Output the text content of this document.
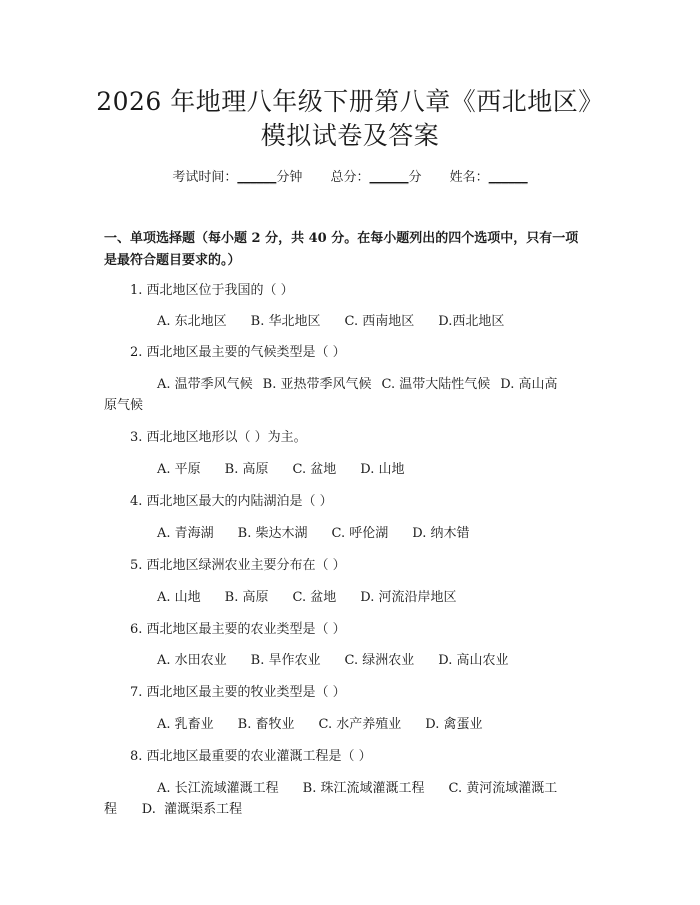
2026 年地理八年级下册第八章《西北地区》
模拟试卷及答案
考试时间：______分钟 总分：______分 姓名：______
一、单项选择题（每小题 2 分，共 40 分。在每小题列出的四个选项中，只有一项
是最符合题目要求的。）
1. 西北地区位于我国的（ ）
A. 东北地区 B. 华北地区 C. 西南地区 D.西北地区
2. 西北地区最主要的气候类型是（ ）
A. 温带季风气候 B. 亚热带季风气候 C. 温带大陆性气候 D. 高山高
原气候
3. 西北地区地形以（ ）为主。
A. 平原 B. 高原 C. 盆地 D. 山地
4. 西北地区最大的内陆湖泊是（ ）
A. 青海湖 B. 柴达木湖 C. 呼伦湖 D. 纳木错
5. 西北地区绿洲农业主要分布在（ ）
A. 山地 B. 高原 C. 盆地 D. 河流沿岸地区
6. 西北地区最主要的农业类型是（ ）
A. 水田农业 B. 旱作农业 C. 绿洲农业 D. 高山农业
7. 西北地区最主要的牧业类型是（ ）
A. 乳畜业 B. 畜牧业 C. 水产养殖业 D. 禽蛋业
8. 西北地区最重要的农业灌溉工程是（ ）
A. 长江流域灌溉工程 B. 珠江流域灌溉工程 C. 黄河流域灌溉工
程      D.  灌溉渠系工程
